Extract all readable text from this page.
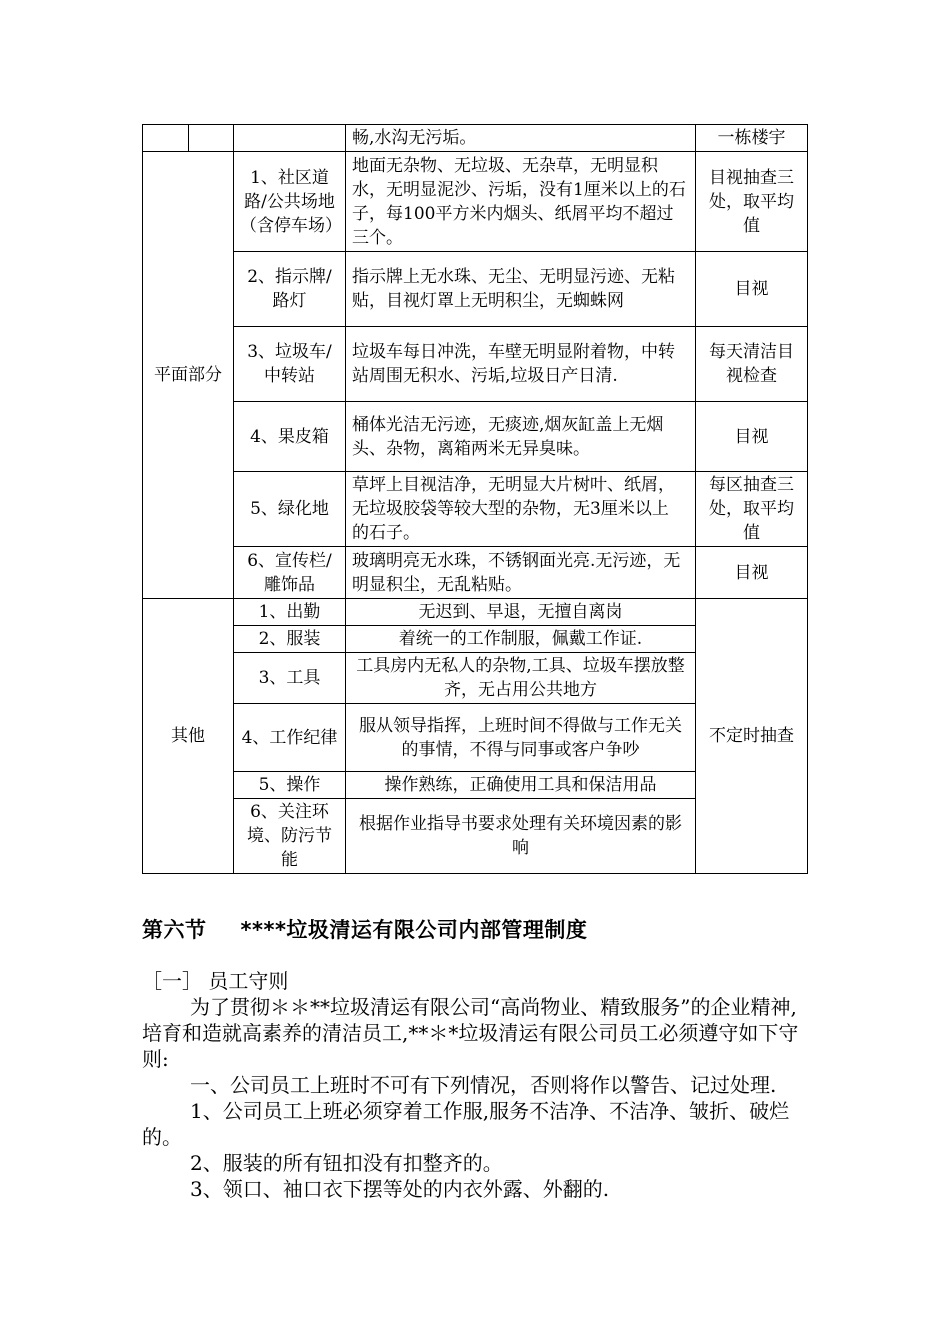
			畅,水沟无污垢。	一栋楼宇
平面部分		1、社区道路/公共场地（含停车场）	地面无杂物、无垃圾、无杂草，无明显积水，无明显泥沙、污垢，没有1厘米以上的石子，每100平方米内烟头、纸屑平均不超过三个。	目视抽查三处，取平均值
		2、指示牌/路灯	指示牌上无水珠、无尘、无明显污迹、无粘贴，目视灯罩上无明积尘，无蜘蛛网	目视
		3、垃圾车/中转站	垃圾车每日冲洗，车壁无明显附着物，中转站周围无积水、污垢,垃圾日产日清.	每天清洁目视检查
		4、果皮箱	桶体光洁无污迹，无痰迹,烟灰缸盖上无烟头、杂物，离箱两米无异臭味。	目视
		5、绿化地	草坪上目视洁净，无明显大片树叶、纸屑， 无垃圾胶袋等较大型的杂物，无3厘米以上 的石子。	每区抽查三处，取平均值
		6、宣传栏/雕饰品	玻璃明亮无水珠，不锈钢面光亮.无污迹，无明显积尘，无乱粘贴。	目视
其他		1、出勤	无迟到、早退，无擅自离岗	不定时抽查
		2、服装	着统一的工作制服，佩戴工作证.	
		3、工具	工具房内无私人的杂物,工具、垃圾车摆放整齐，无占用公共地方	
		4、工作纪律	服从领导指挥，上班时间不得做与工作无关 的事情，不得与同事或客户争吵	
		5、操作	操作熟练，正确使用工具和保洁用品	
		6、关注环境、防污节能	根据作业指导书要求处理有关环境因素的影响	
第六节 ****垃圾清运有限公司内部管理制度

［一］ 员工守则

为了贯彻＊＊**垃圾清运有限公司“高尚物业、精致服务”的企业精神,培育和造就高素养的清洁员工,**＊*垃圾清运有限公司员工必须遵守如下守则:

一、公司员工上班时不可有下列情况，否则将作以警告、记过处理.

1、公司员工上班必须穿着工作服,服务不洁净、不洁净、皱折、破烂的。

2、服装的所有钮扣没有扣整齐的。

3、领口、袖口衣下摆等处的内衣外露、外翻的.
